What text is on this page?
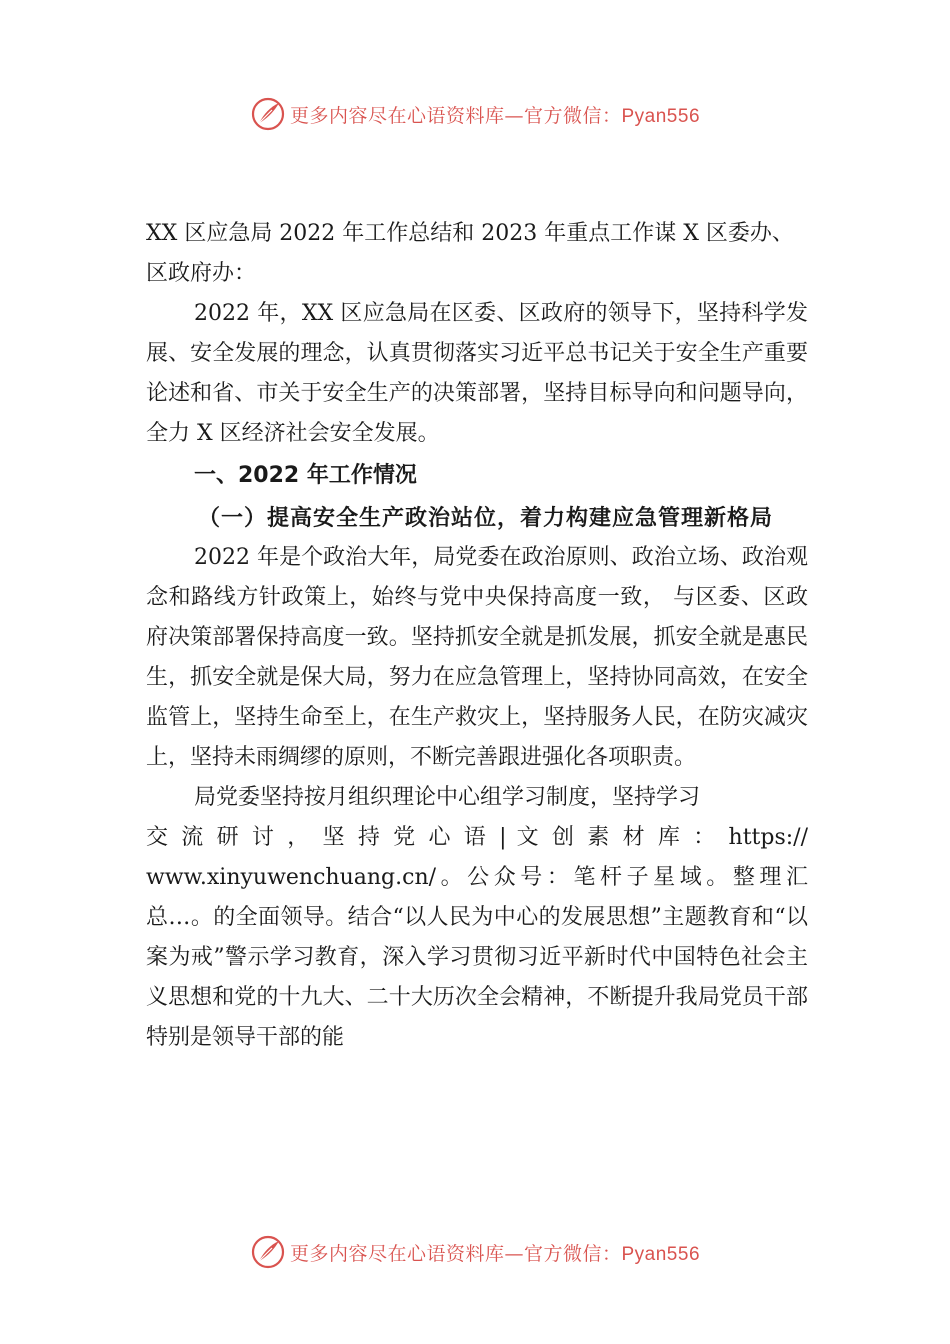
更多内容尽在心语资料库—官方微信：Pyan556

XX 区应急局 2022 年工作总结和 2023 年重点工作谋 X 区委办、
区政府办：

2022 年，XX 区应急局在区委、区政府的领导下，坚持科学发展、安全发展的理念，认真贯彻落实习近平总书记关于安全生产重要论述和省、市关于安全生产的决策部署，坚持目标导向和问题导向，全力 X 区经济社会安全发展。

一、2022 年工作情况

（一）提高安全生产政治站位，着力构建应急管理新格局

2022 年是个政治大年，局党委在政治原则、政治立场、政治观念和路线方针政策上，始终与党中央保持高度一致， 与区委、区政府决策部署保持高度一致。坚持抓安全就是抓发展，抓安全就是惠民生，抓安全就是保大局，努力在应急管理上，坚持协同高效，在安全监管上，坚持生命至上，在生产救灾上，坚持服务人民，在防灾减灾上，坚持未雨绸缪的原则，不断完善跟进强化各项职责。

局党委坚持按月组织理论中心组学习制度，坚持学习

交 流 研 讨 ， 坚 持 党 心 语 | 文 创 素 材 库 ： https://

www.xinyuwenchuang.cn/。公众号：笔杆子星域。整理汇总…。的全面领导。结合“以人民为中心的发展思想”主题教育和“以案为戒”警示学习教育，深入学习贯彻习近平新时代中国特色社会主义思想和党的十九大、二十大历次全会精神，不断提升我局党员干部特别是领导干部的能

更多内容尽在心语资料库—官方微信：Pyan556
